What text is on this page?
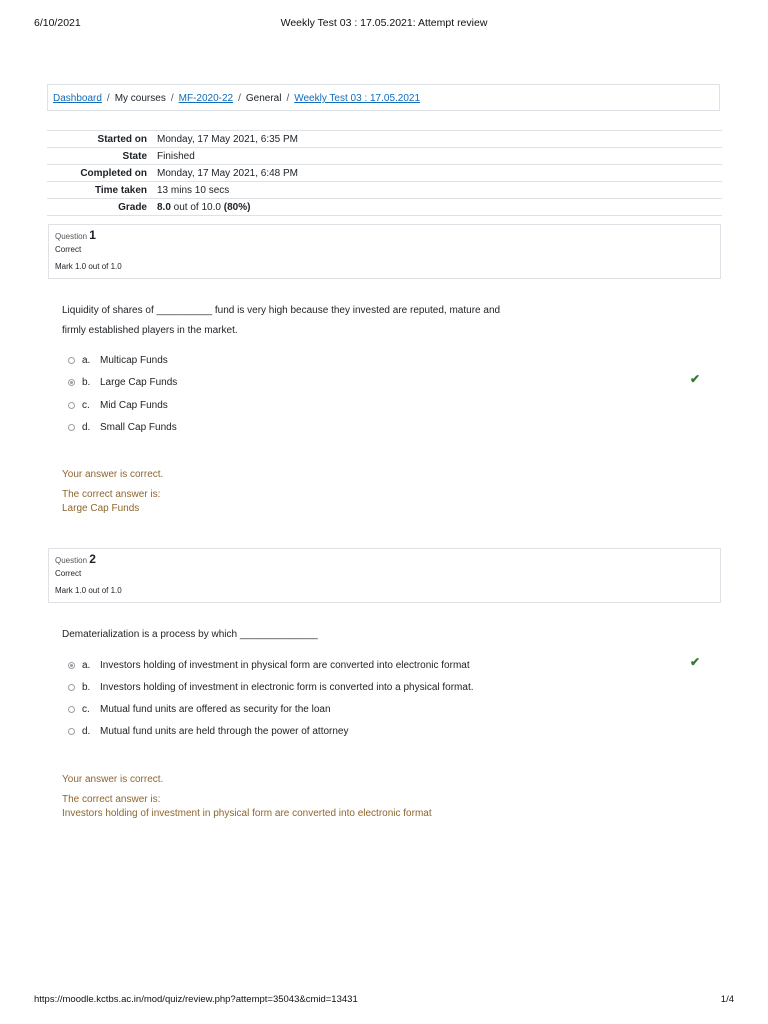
6/10/2021	Weekly Test 03 : 17.05.2021: Attempt review
Dashboard / My courses / MF-2020-22 / General / Weekly Test 03 : 17.05.2021
Started on	Monday, 17 May 2021, 6:35 PM
State	Finished
Completed on	Monday, 17 May 2021, 6:48 PM
Time taken	13 mins 10 secs
Grade	8.0 out of 10.0 (80%)
Question 1
Correct
Mark 1.0 out of 1.0
Liquidity of shares of __________ fund is very high because they invested are reputed, mature and
firmly established players in the market.
a. Multicap Funds
b. Large Cap Funds
c.	Mid Cap Funds
d. Small Cap Funds
✔
Your answer is correct.
The correct answer is:
Large Cap Funds
Question 2
Correct
Mark 1.0 out of 1.0
Dematerialization is a process by which ______________
a. Investors holding of investment in physical form are converted into electronic format
b. Investors holding of investment in electronic form is converted into a physical format.
c.	Mutual fund units are offered as security for the loan
d. Mutual fund units are held through the power of attorney
✔
Your answer is correct.
The correct answer is:
Investors holding of investment in physical form are converted into electronic format
https://moodle.kctbs.ac.in/mod/quiz/review.php?attempt=35043&cmid=13431	1/4
